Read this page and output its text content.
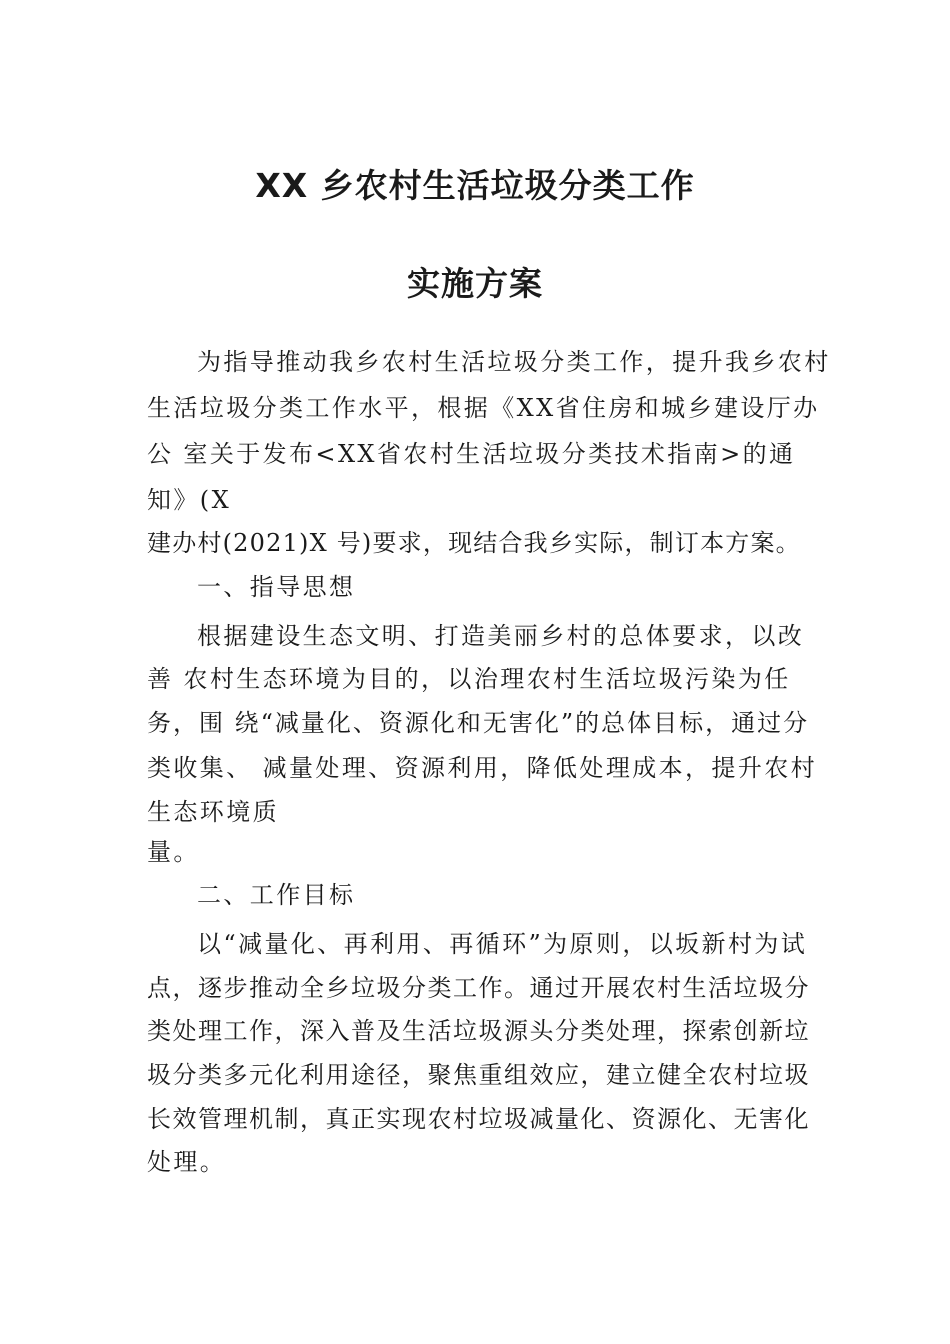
XX 乡农村生活垃圾分类工作
实施方案
为指导推动我乡农村生活垃圾分类工作，提升我乡农村
生活垃圾分类工作水平，根据《XX省住房和城乡建设厅办
公 室关于发布<XX省农村生活垃圾分类技术指南>的通
知》(X
建办村(2021)X 号)要求，现结合我乡实际，制订本方案。
一、指导思想
根据建设生态文明、打造美丽乡村的总体要求，以改
善 农村生态环境为目的，以治理农村生活垃圾污染为任
务，围 绕“减量化、资源化和无害化”的总体目标，通过分
类收集、 减量处理、资源利用，降低处理成本，提升农村
生态环境质
量。
二、工作目标
以“减量化、再利用、再循环”为原则，以坂新村为试
点，逐步推动全乡垃圾分类工作。通过开展农村生活垃圾分
类处理工作，深入普及生活垃圾源头分类处理，探索创新垃
圾分类多元化利用途径，聚焦重组效应，建立健全农村垃圾
长效管理机制，真正实现农村垃圾减量化、资源化、无害化
处理。
